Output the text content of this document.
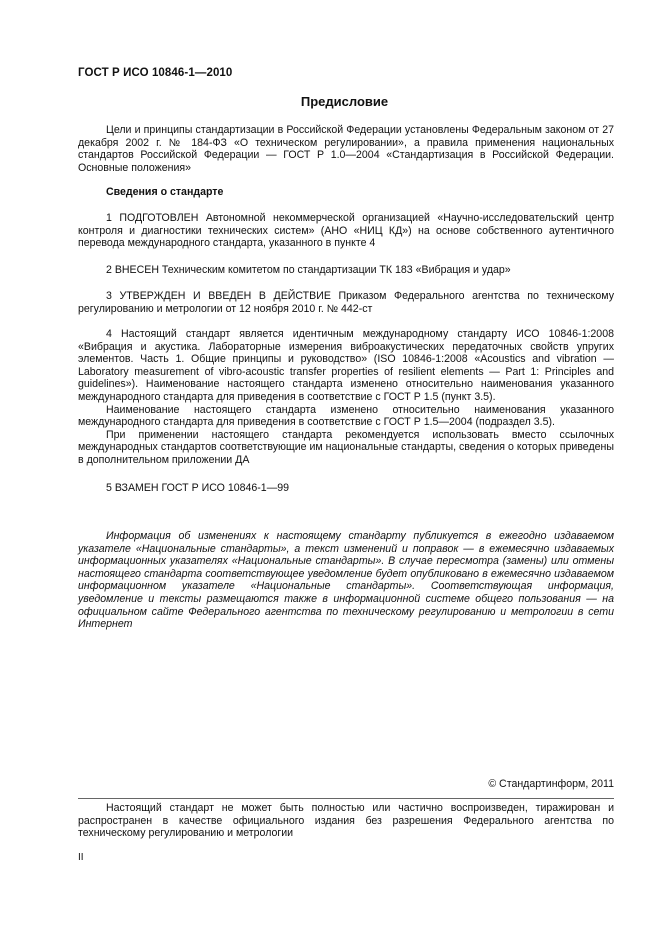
ГОСТ Р ИСО 10846-1—2010
Предисловие

Цели и принципы стандартизации в Российской Федерации установлены Федеральным законом от 27 декабря 2002 г. № 184-ФЗ «О техническом регулировании», а правила применения национальных стандартов Российской Федерации — ГОСТ Р 1.0—2004 «Стандартизация в Российской Федерации. Основные положения»

Сведения о стандарте

1 ПОДГОТОВЛЕН Автономной некоммерческой организацией «Научно-исследовательский центр контроля и диагностики технических систем» (АНО «НИЦ КД») на основе собственного аутентичного перевода международного стандарта, указанного в пункте 4

2 ВНЕСЕН Техническим комитетом по стандартизации ТК 183 «Вибрация и удар»

3 УТВЕРЖДЕН И ВВЕДЕН В ДЕЙСТВИЕ Приказом Федерального агентства по техническому регулированию и метрологии от 12 ноября 2010 г. № 442-ст

4 Настоящий стандарт является идентичным международному стандарту ИСО 10846-1:2008 «Вибрация и акустика. Лабораторные измерения виброакустических передаточных свойств упругих элементов. Часть 1. Общие принципы и руководство» (ISO 10846-1:2008 «Acoustics and vibration — Laboratory measurement of vibro-acoustic transfer properties of resilient elements — Part 1: Principles and guidelines»). Наименование настоящего стандарта изменено относительно наименования указанного международного стандарта для приведения в соответствие с ГОСТ Р 1.5 (пункт 3.5).

Наименование настоящего стандарта изменено относительно наименования указанного международного стандарта для приведения в соответствие с ГОСТ Р 1.5—2004 (подраздел 3.5).

При применении настоящего стандарта рекомендуется использовать вместо ссылочных международных стандартов соответствующие им национальные стандарты, сведения о которых приведены в дополнительном приложении ДА

5 ВЗАМЕН ГОСТ Р ИСО 10846-1—99

Информация об изменениях к настоящему стандарту публикуется в ежегодно издаваемом указателе «Национальные стандарты», а текст изменений и поправок — в ежемесячно издаваемых информационных указателях «Национальные стандарты». В случае пересмотра (замены) или отмены настоящего стандарта соответствующее уведомление будет опубликовано в ежемесячно издаваемом информационном указателе «Национальные стандарты». Соответствующая информация, уведомление и тексты размещаются также в информационной системе общего пользования — на официальном сайте Федерального агентства по техническому регулированию и метрологии в сети Интернет

© Стандартинформ, 2011

Настоящий стандарт не может быть полностью или частично воспроизведен, тиражирован и распространен в качестве официального издания без разрешения Федерального агентства по техническому регулированию и метрологии

II
